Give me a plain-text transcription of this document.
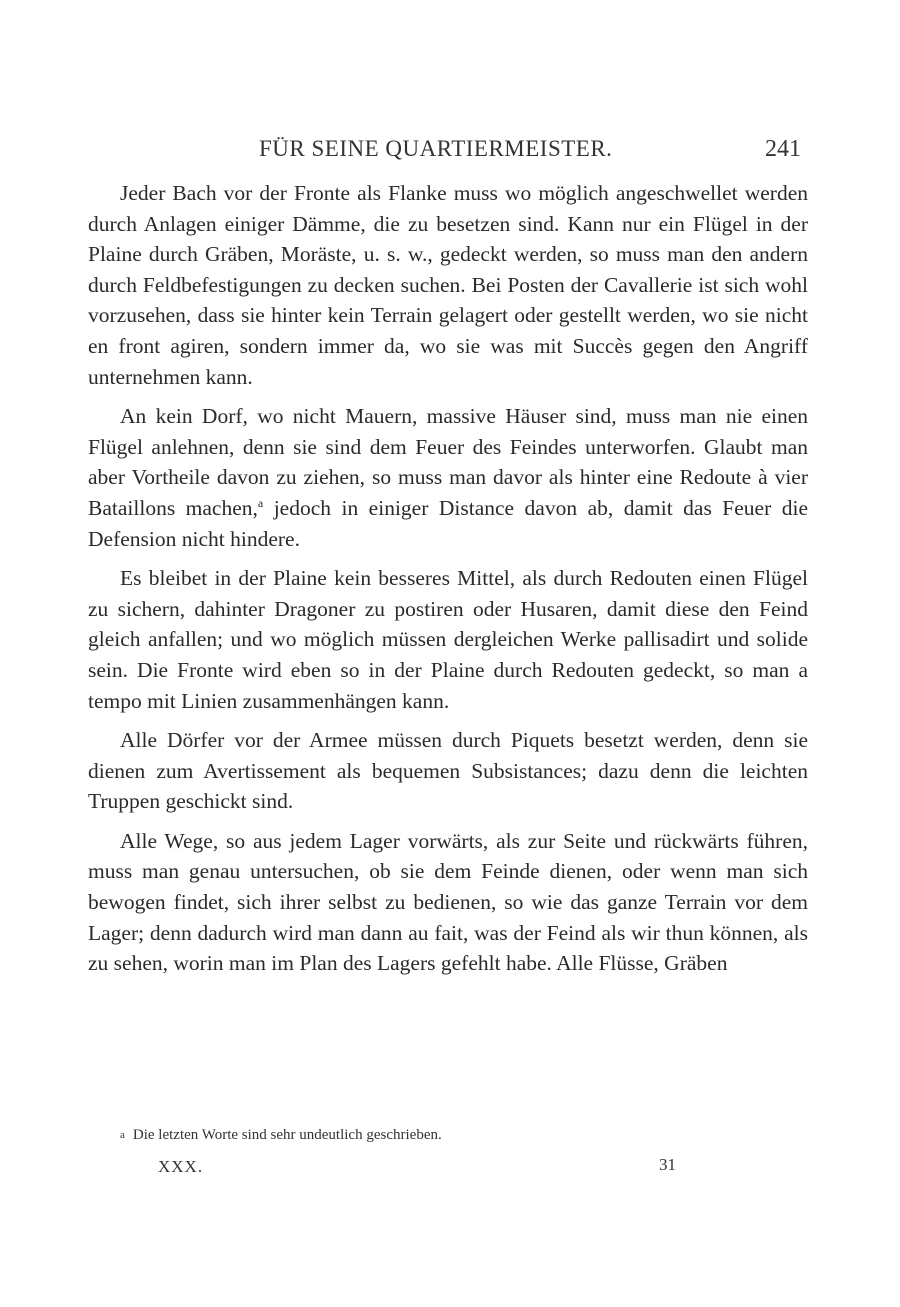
FÜR SEINE QUARTIERMEISTER.	241

Jeder Bach vor der Fronte als Flanke muss wo möglich angeschwellet werden durch Anlagen einiger Dämme, die zu besetzen sind. Kann nur ein Flügel in der Plaine durch Gräben, Moräste, u. s. w., gedeckt werden, so muss man den andern durch Feldbefestigungen zu decken suchen. Bei Posten der Cavallerie ist sich wohl vorzusehen, dass sie hinter kein Terrain gelagert oder gestellt werden, wo sie nicht en front agiren, sondern immer da, wo sie was mit Succès gegen den Angriff unternehmen kann.

An kein Dorf, wo nicht Mauern, massive Häuser sind, muss man nie einen Flügel anlehnen, denn sie sind dem Feuer des Feindes unterworfen. Glaubt man aber Vortheile davon zu ziehen, so muss man davor als hinter eine Redoute à vier Bataillons machen,$^a$ jedoch in einiger Distance davon ab, damit das Feuer die Defension nicht hindere.

Es bleibet in der Plaine kein besseres Mittel, als durch Redouten einen Flügel zu sichern, dahinter Dragoner zu postiren oder Husaren, damit diese den Feind gleich anfallen; und wo möglich müssen dergleichen Werke pallisadirt und solide sein. Die Fronte wird eben so in der Plaine durch Redouten gedeckt, so man a tempo mit Linien zusammenhängen kann.

Alle Dörfer vor der Armee müssen durch Piquets besetzt werden, denn sie dienen zum Avertissement als bequemen Subsistances; dazu denn die leichten Truppen geschickt sind.

Alle Wege, so aus jedem Lager vorwärts, als zur Seite und rückwärts führen, muss man genau untersuchen, ob sie dem Feinde dienen, oder wenn man sich bewogen findet, sich ihrer selbst zu bedienen, so wie das ganze Terrain vor dem Lager; denn dadurch wird man dann au fait, was der Feind als wir thun können, als zu sehen, worin man im Plan des Lagers gefehlt habe. Alle Flüsse, Gräben

a Die letzten Worte sind sehr undeutlich geschrieben.
XXX.	31
